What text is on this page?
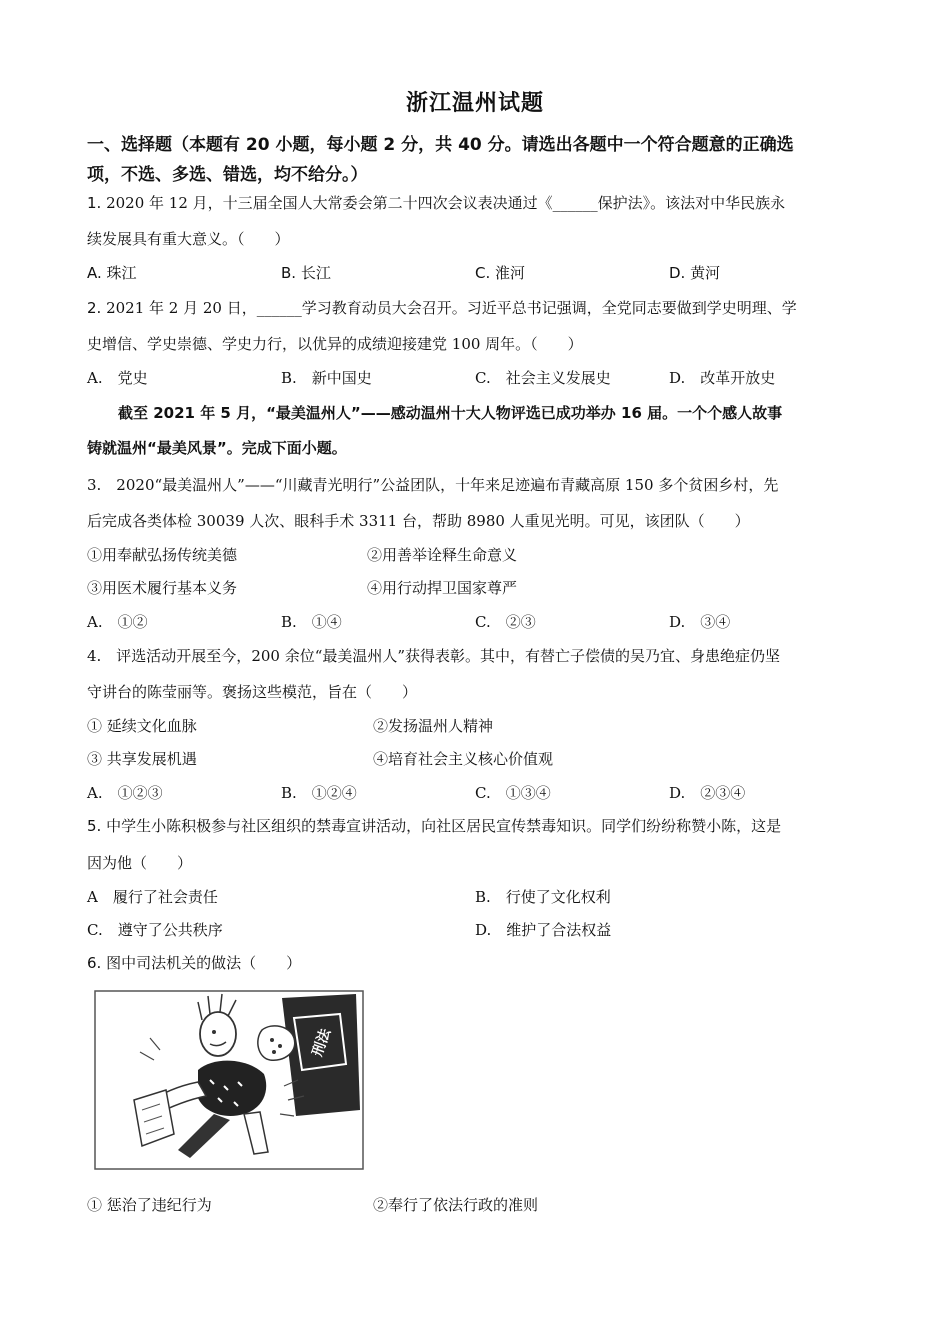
浙江温州试题
一、选择题（本题有 20 小题，每小题 2 分，共 40 分。请选出各题中一个符合题意的正确选
项，不选、多选、错选，均不给分。）
1. 2020 年 12 月，十三届全国人大常委会第二十四次会议表决通过《______保护法》。该法对中华民族永
续发展具有重大意义。（　　）
A. 珠江	B. 长江	C. 淮河	D. 黄河
2. 2021 年 2 月 20 日，______学习教育动员大会召开。习近平总书记强调，全党同志要做到学史明理、学
史增信、学史崇德、学史力行，以优异的成绩迎接建党 100 周年。（　　）
A.　党史	B.　新中国史	C.　社会主义发展史	D.　改革开放史
截至 2021 年 5 月，“最美温州人”——感动温州十大人物评选已成功举办 16 届。一个个感人故事
铸就温州“最美风景”。完成下面小题。
3.　2020“最美温州人”——“川藏青光明行”公益团队，十年来足迹遍布青藏高原 150 多个贫困乡村，先
后完成各类体检 30039 人次、眼科手术 3311 台，帮助 8980 人重见光明。可见，该团队（　　）
①用奉献弘扬传统美德	②用善举诠释生命意义
③用医术履行基本义务	④用行动捍卫国家尊严
A.　①②	B.　①④	C.　②③	D.　③④
4.　评选活动开展至今，200 余位“最美温州人”获得表彰。其中，有替亡子偿债的吴乃宜、身患绝症仍坚
守讲台的陈莹丽等。褒扬这些模范，旨在（　　）
① 延续文化血脉	②发扬温州人精神
③ 共享发展机遇	④培育社会主义核心价值观
A.　①②③	B.　①②④	C.　①③④	D.　②③④
5. 中学生小陈积极参与社区组织的禁毒宣讲活动，向社区居民宣传禁毒知识。同学们纷纷称赞小陈，这是
因为他（　　）
A　履行了社会责任	B.　行使了文化权利
C.　遵守了公共秩序	D.　维护了合法权益
6. 图中司法机关的做法（　　）
刑法
① 惩治了违纪行为	②奉行了依法行政的准则
